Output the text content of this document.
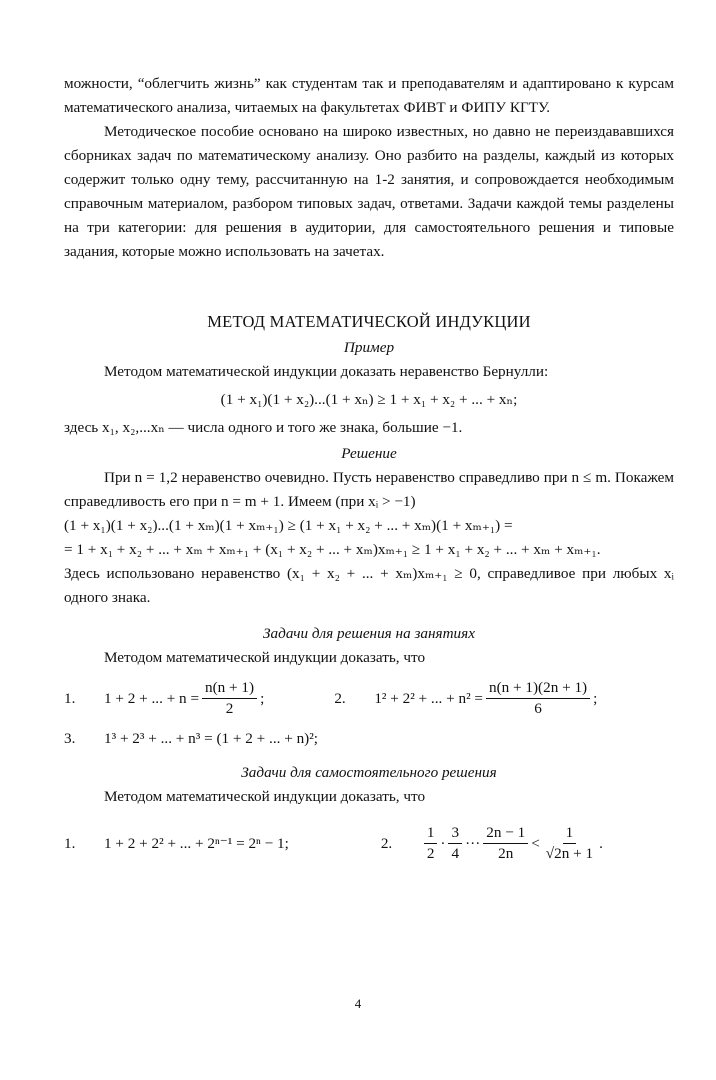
можности, “облегчить жизнь” как студентам так и преподавателям и адаптировано к курсам математического анализа, читаемых на факультетах ФИВТ и ФИПУ КГТУ.

Методическое пособие основано на широко известных, но давно не переиздававшихся сборниках задач по математическому анализу. Оно разбито на разделы, каждый из которых содержит только одну тему, рассчитанную на 1-2 занятия, и сопровождается необходимым справочным материалом, разбором типовых задач, ответами. Задачи каждой темы разделены на три категории: для решения в аудитории, для самостоятельного решения и типовые задания, которые можно использовать на зачетах.

МЕТОД МАТЕМАТИЧЕСКОЙ ИНДУКЦИИ
Пример

Методом математической индукции доказать неравенство Бернулли:

(1 + x₁)(1 + x₂)...(1 + xₙ) ≥ 1 + x₁ + x₂ + ... + xₙ;

здесь x₁, x₂,...xₙ — числа одного и того же знака, большие −1.

Решение

При n = 1,2 неравенство очевидно. Пусть неравенство справедливо при n ≤ m. Покажем справедливость его при n = m + 1. Имеем (при xᵢ > −1)

(1 + x₁)(1 + x₂)...(1 + xₘ)(1 + xₘ₊₁) ≥ (1 + x₁ + x₂ + ... + xₘ)(1 + xₘ₊₁) =
= 1 + x₁ + x₂ + ... + xₘ + xₘ₊₁ + (x₁ + x₂ + ... + xₘ)xₘ₊₁ ≥ 1 + x₁ + x₂ + ... + xₘ + xₘ₊₁.

Здесь использовано неравенство (x₁ + x₂ + ... + xₘ)xₘ₊₁ ≥ 0, справедливое при любых xᵢ одного знака.

Задачи для решения на занятиях

Методом математической индукции доказать, что

1.	1 + 2 + ... + $n = \frac{n(n + 1)}{2}$ ;	2.	1² + 2² + ... + $n^2 = \frac{n(n + 1)(2n + 1)}{6}$ ;
3.	1³ + 2³ + ... + n³ = (1 + 2 + ... + n)²;
Задачи для самостоятельного решения

Методом математической индукции доказать, что

1.	1 + 2 + 2² + ... + 2ⁿ⁻¹ = 2ⁿ − 1;	2.	$\frac{1}{2} \cdot \frac{3}{4}$ ··· $\frac{2n - 1}{2n} < \frac{1}{√2n + 1}$ .
4
